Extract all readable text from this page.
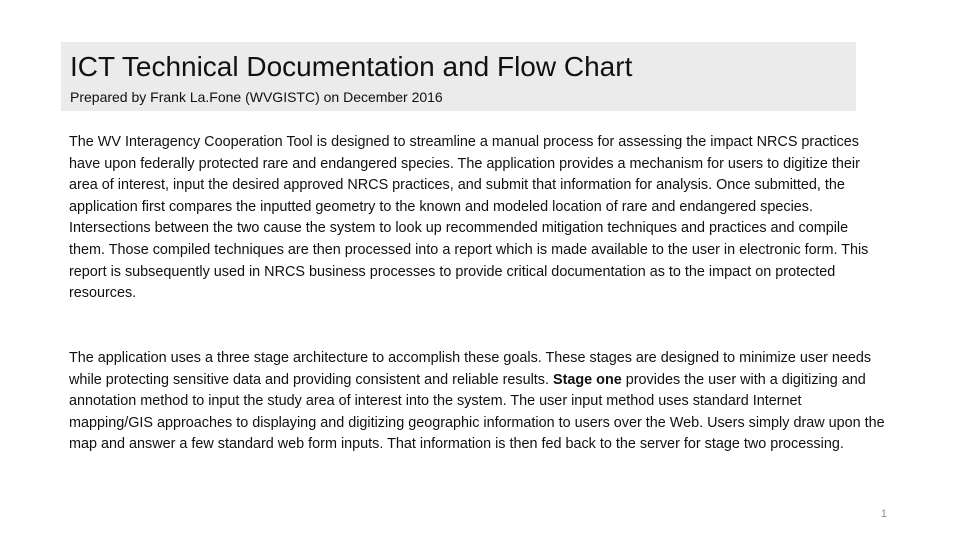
ICT Technical Documentation and Flow Chart

Prepared by Frank La.Fone (WVGISTC) on December 2016

The WV Interagency Cooperation Tool is designed to streamline a manual process for assessing the impact NRCS practices have upon federally protected rare and endangered species. The application provides a mechanism for users to digitize their area of interest, input the desired approved NRCS practices, and submit that information for analysis. Once submitted, the application first compares the inputted geometry to the known and modeled location of rare and endangered species. Intersections between the two cause the system to look up recommended mitigation techniques and practices and compile them. Those compiled techniques are then processed into a report which is made available to the user in electronic form. This report is subsequently used in NRCS business processes to provide critical documentation as to the impact on protected resources.

The application uses a three stage architecture to accomplish these goals. These stages are designed to minimize user needs while protecting sensitive data and providing consistent and reliable results. Stage one provides the user with a digitizing and annotation method to input the study area of interest into the system. The user input method uses standard Internet mapping/GIS approaches to displaying and digitizing geographic information to users over the Web. Users simply draw upon the map and answer a few standard web form inputs. That information is then fed back to the server for stage two processing.

1
